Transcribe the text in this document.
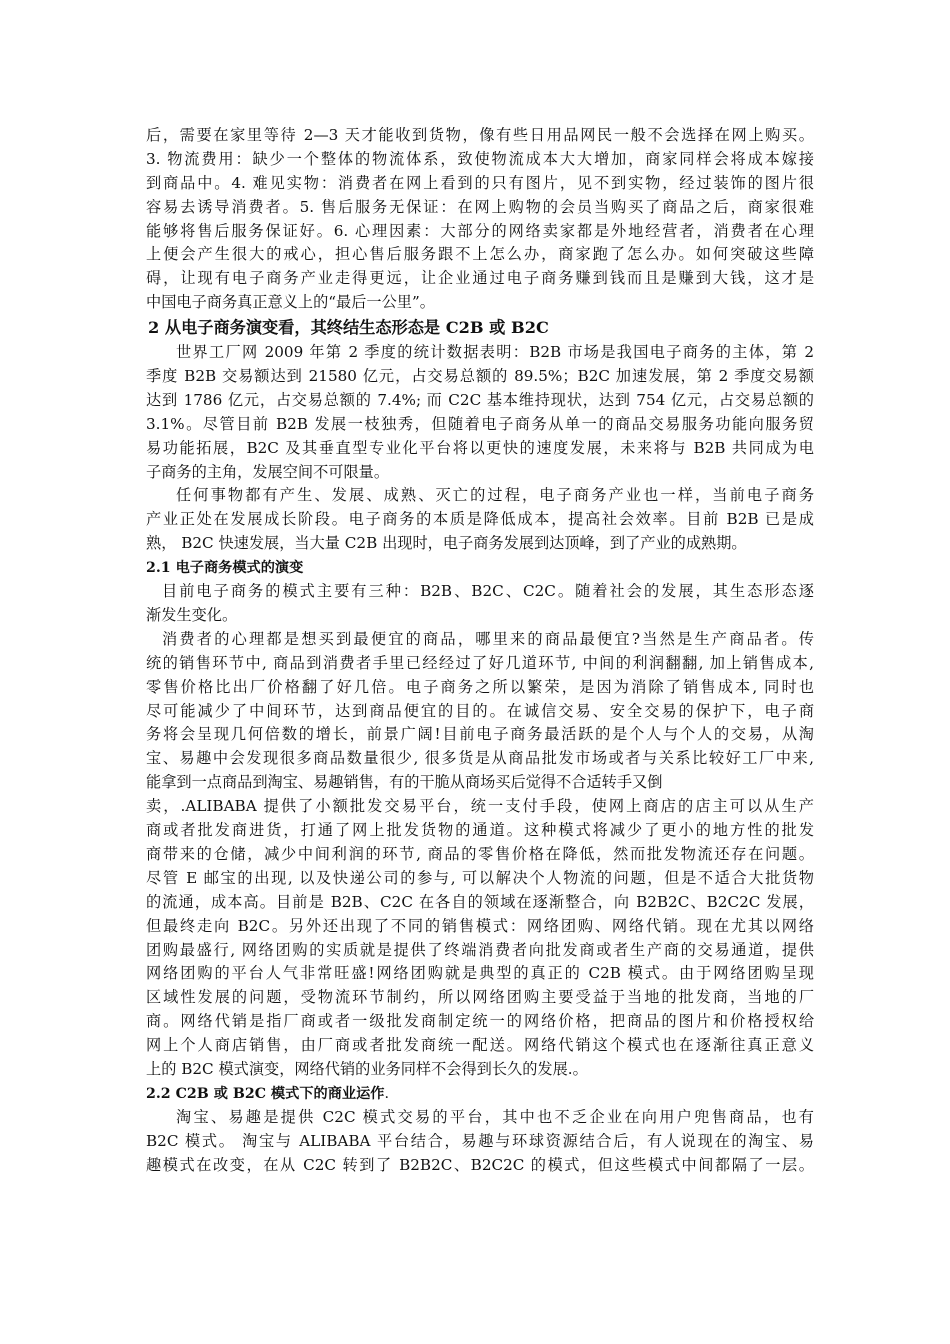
后，需要在家里等待 2—3 天才能收到货物，像有些日用品网民一般不会选择在网上购买。
3. 物流费用：缺少一个整体的物流体系，致使物流成本大大增加，商家同样会将成本嫁接
到商品中。4. 难见实物：消费者在网上看到的只有图片，见不到实物，经过装饰的图片很
容易去诱导消费者。5. 售后服务无保证：在网上购物的会员当购买了商品之后，商家很难
能够将售后服务保证好。6. 心理因素：大部分的网络卖家都是外地经营者，消费者在心理
上便会产生很大的戒心，担心售后服务跟不上怎么办，商家跑了怎么办。如何突破这些障
碍，让现有电子商务产业走得更远，让企业通过电子商务赚到钱而且是赚到大钱，这才是
中国电子商务真正意义上的“最后一公里”。
2 从电子商务演变看，其终结生态形态是 C2B 或 B2C
世界工厂网 2009 年第 2 季度的统计数据表明：B2B 市场是我国电子商务的主体，第 2
季度 B2B 交易额达到 21580 亿元，占交易总额的 89.5%；B2C 加速发展，第 2 季度交易额
达到 1786 亿元，占交易总额的 7.4%; 而 C2C 基本维持现状，达到 754 亿元，占交易总额的
3.1%。尽管目前 B2B 发展一枝独秀，但随着电子商务从单一的商品交易服务功能向服务贸
易功能拓展，B2C 及其垂直型专业化平台将以更快的速度发展，未来将与 B2B 共同成为电
子商务的主角，发展空间不可限量。
任何事物都有产生、发展、成熟、灭亡的过程，电子商务产业也一样，当前电子商务
产业正处在发展成长阶段。电子商务的本质是降低成本，提高社会效率。目前 B2B 已是成
熟， B2C 快速发展，当大量 C2B 出现时，电子商务发展到达顶峰，到了产业的成熟期。
2.1 电子商务模式的演变
目前电子商务的模式主要有三种：B2B、B2C、C2C。随着社会的发展，其生态形态逐
渐发生变化。
消费者的心理都是想买到最便宜的商品，哪里来的商品最便宜?当然是生产商品者。传
统的销售环节中, 商品到消费者手里已经经过了好几道环节, 中间的利润翻翻, 加上销售成本,
零售价格比出厂价格翻了好几倍。电子商务之所以繁荣，是因为消除了销售成本, 同时也
尽可能减少了中间环节，达到商品便宜的目的。在诚信交易、安全交易的保护下，电子商
务将会呈现几何倍数的增长，前景广阔!目前电子商务最活跃的是个人与个人的交易，从淘
宝、易趣中会发现很多商品数量很少, 很多货是从商品批发市场或者与关系比较好工厂中来,
能拿到一点商品到淘宝、易趣销售，有的干脆从商场买后觉得不合适转手又倒
卖，.ALIBABA 提供了小额批发交易平台，统一支付手段，使网上商店的店主可以从生产
商或者批发商进货，打通了网上批发货物的通道。这种模式将减少了更小的地方性的批发
商带来的仓储，减少中间利润的环节, 商品的零售价格在降低，然而批发物流还存在问题。
尽管 E 邮宝的出现, 以及快递公司的参与, 可以解决个人物流的问题，但是不适合大批货物
的流通，成本高。目前是 B2B、C2C 在各自的领域在逐渐整合，向 B2B2C、B2C2C 发展，
但最终走向 B2C。另外还出现了不同的销售模式：网络团购、网络代销。现在尤其以网络
团购最盛行, 网络团购的实质就是提供了终端消费者向批发商或者生产商的交易通道，提供
网络团购的平台人气非常旺盛!网络团购就是典型的真正的 C2B 模式。由于网络团购呈现
区域性发展的问题，受物流环节制约，所以网络团购主要受益于当地的批发商，当地的厂
商。网络代销是指厂商或者一级批发商制定统一的网络价格，把商品的图片和价格授权给
网上个人商店销售，由厂商或者批发商统一配送。网络代销这个模式也在逐渐往真正意义
上的 B2C 模式演变，网络代销的业务同样不会得到长久的发展.。
2.2 C2B 或 B2C 模式下的商业运作.
淘宝、易趣是提供 C2C 模式交易的平台，其中也不乏企业在向用户兜售商品，也有
B2C 模式。 淘宝与 ALIBABA 平台结合，易趣与环球资源结合后，有人说现在的淘宝、易
趣模式在改变，在从 C2C 转到了 B2B2C、B2C2C 的模式，但这些模式中间都隔了一层。
